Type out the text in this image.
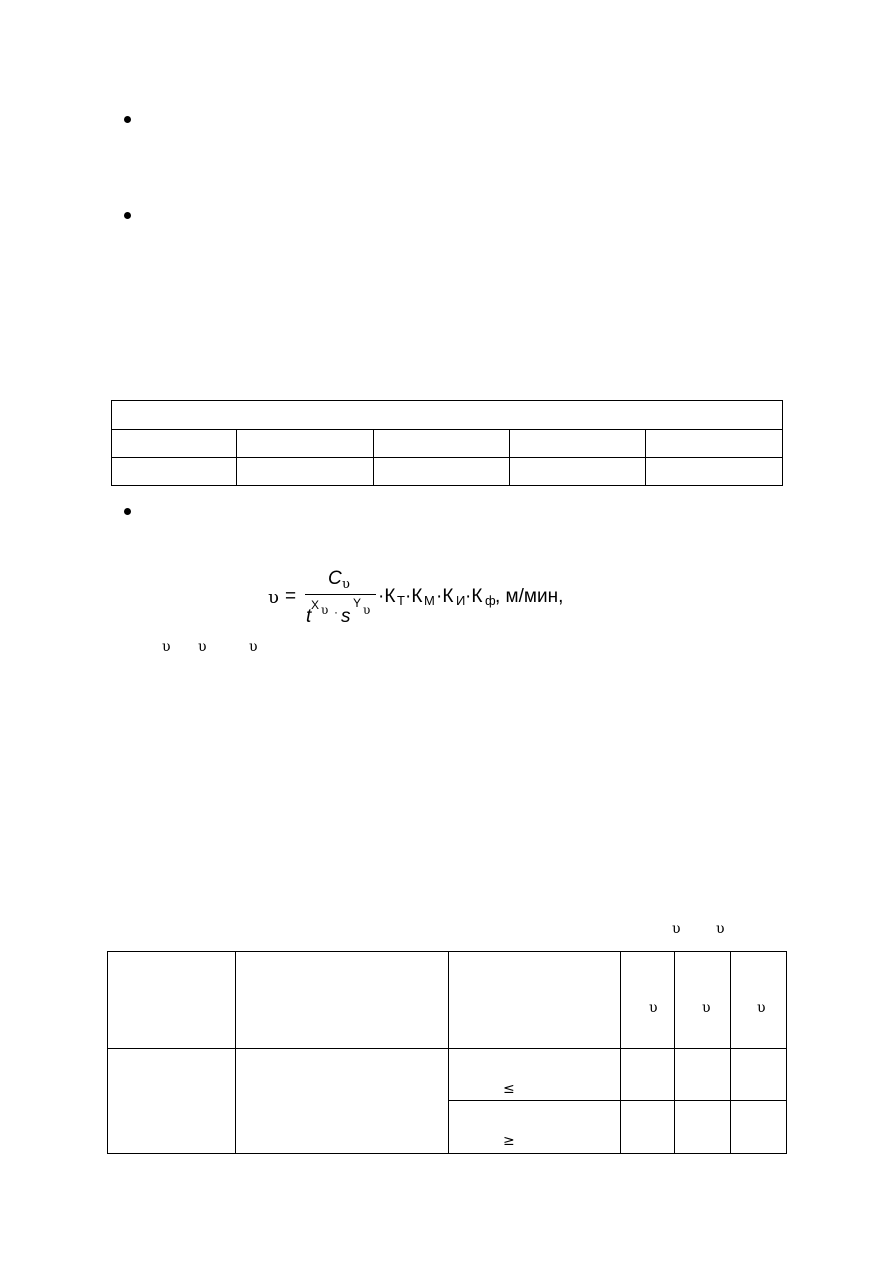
υ =
C υ
t
X υ · s
Y υ
·К Т ·К М ·К И ·К ф , м/мин,
υ υ	υ
υ	υ

			υ	υ	υ

		≤			

		≥			
